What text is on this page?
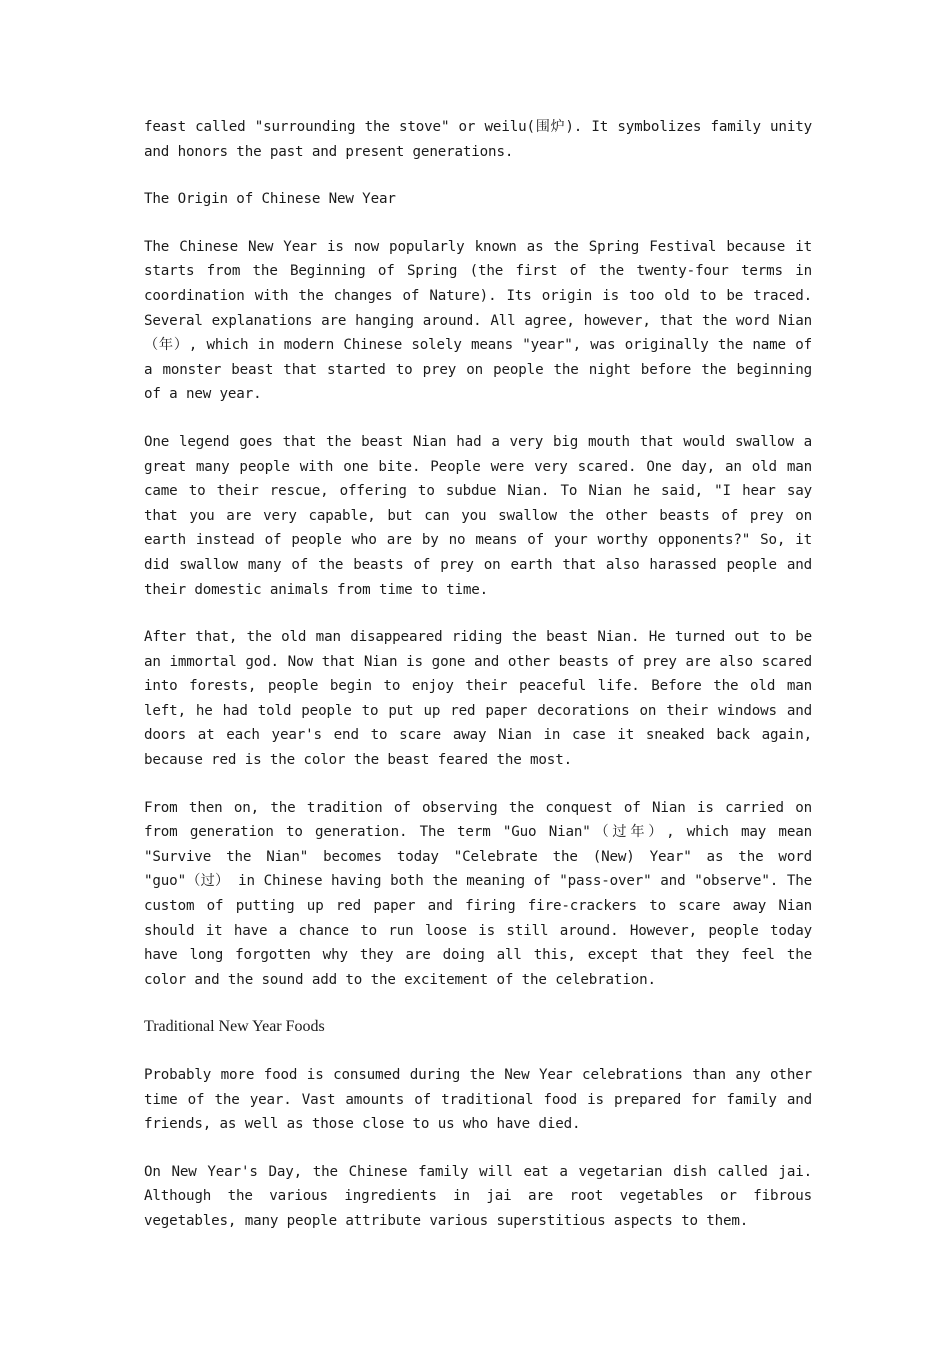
feast called "surrounding the stove" or weilu(围炉). It symbolizes family unity and honors the past and present generations.

The Origin of Chinese New Year

The Chinese New Year is now popularly known as the Spring Festival because it starts from the Beginning of Spring (the first of the twenty-four terms in coordination with the changes of Nature). Its origin is too old to be traced. Several explanations are hanging around. All agree, however, that the word Nian（年）, which in modern Chinese solely means "year", was originally the name of a monster beast that started to prey on people the night before the beginning of a new year.

One legend goes that the beast Nian had a very big mouth that would swallow a great many people with one bite. People were very scared. One day, an old man came to their rescue, offering to subdue Nian. To Nian he said, "I hear say that you are very capable, but can you swallow the other beasts of prey on earth instead of people who are by no means of your worthy opponents?" So, it did swallow many of the beasts of prey on earth that also harassed people and their domestic animals from time to time.

After that, the old man disappeared riding the beast Nian. He turned out to be an immortal god. Now that Nian is gone and other beasts of prey are also scared into forests, people begin to enjoy their peaceful life. Before the old man left, he had told people to put up red paper decorations on their windows and doors at each year's end to scare away Nian in case it sneaked back again, because red is the color the beast feared the most.

From then on, the tradition of observing the conquest of Nian is carried on from generation to generation. The term "Guo Nian"（过年）, which may mean "Survive the Nian" becomes today "Celebrate the (New) Year" as the word "guo"（过） in Chinese having both the meaning of "pass-over" and "observe". The custom of putting up red paper and firing fire-crackers to scare away Nian should it have a chance to run loose is still around. However, people today have long forgotten why they are doing all this, except that they feel the color and the sound add to the excitement of the celebration.

Traditional New Year Foods

Probably more food is consumed during the New Year celebrations than any other time of the year. Vast amounts of traditional food is prepared for family and friends, as well as those close to us who have died.

On New Year's Day, the Chinese family will eat a vegetarian dish called jai. Although the various ingredients in jai are root vegetables or fibrous vegetables, many people attribute various superstitious aspects to them.
